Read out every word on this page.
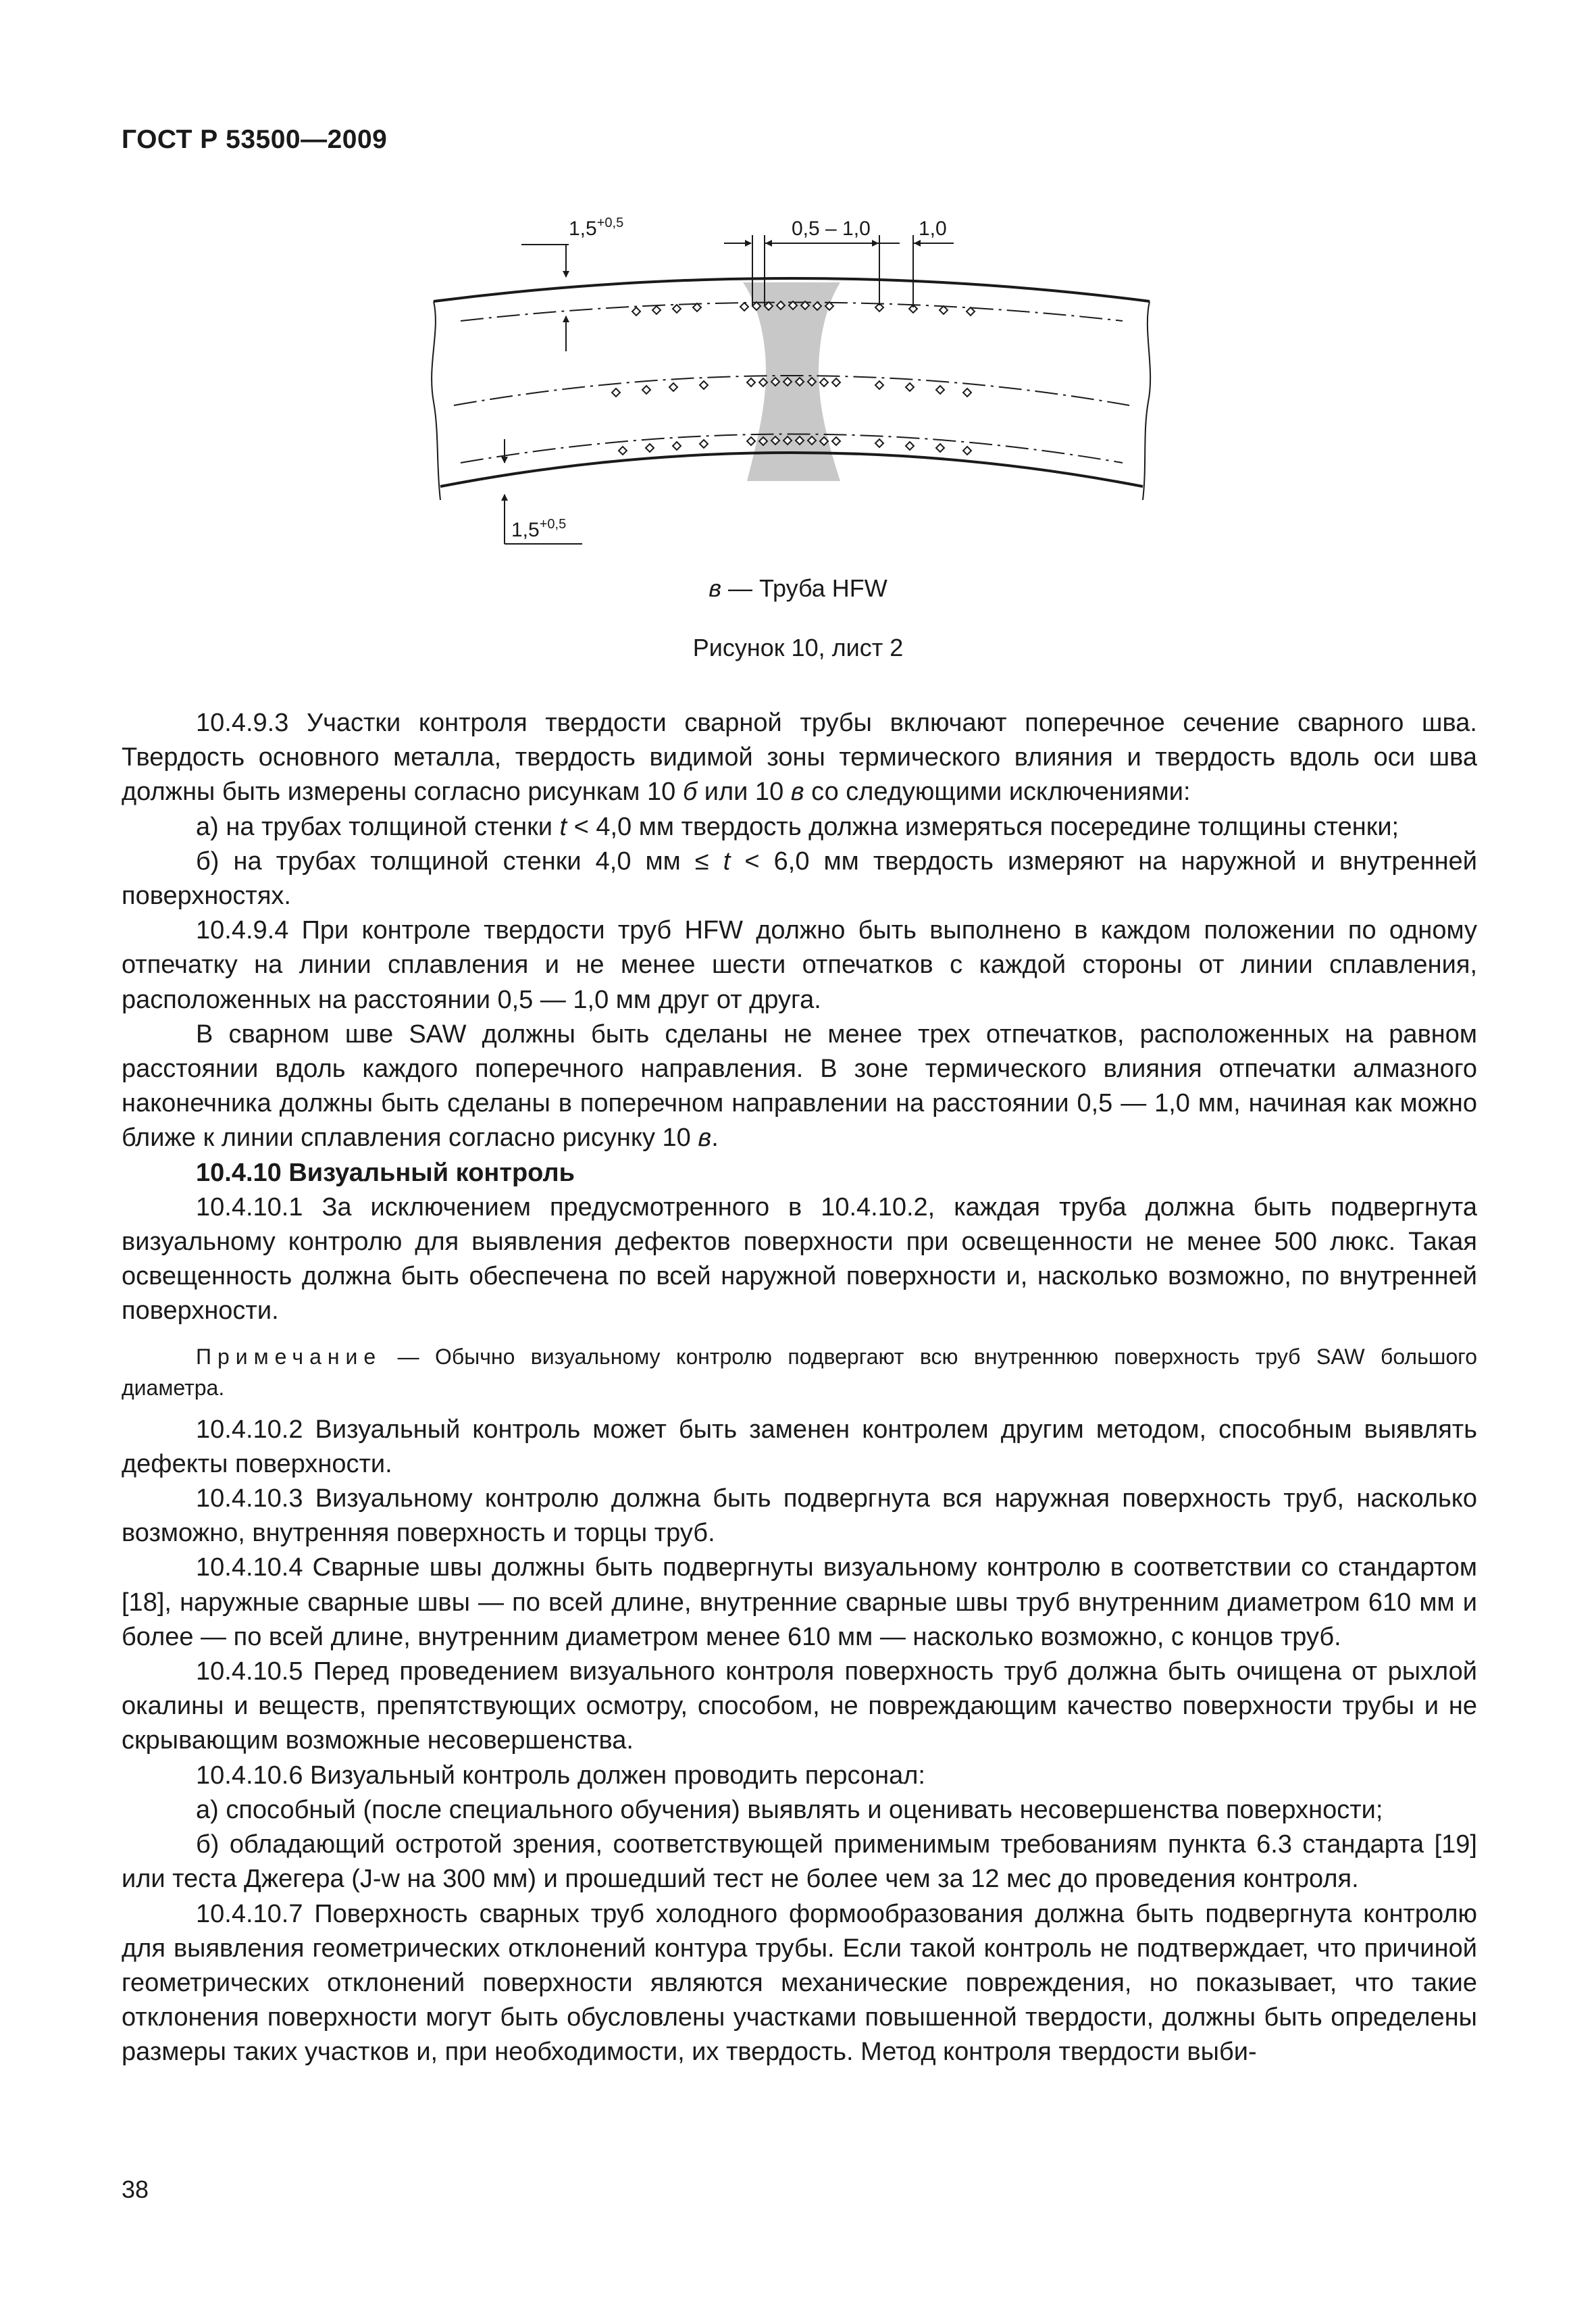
ГОСТ Р 53500—2009
$1,5^{+0,5}$	0,5 – 1,0 1,0
$1,5^{+0,5}$
в — Труба HFW
Рисунок 10, лист 2

10.4.9.3 Участки контроля твердости сварной трубы включают поперечное сечение сварного шва. Твердость основного металла, твердость видимой зоны термического влияния и твердость вдоль оси шва должны быть измерены согласно рисункам 10 б или 10 в со следующими исключениями:

а) на трубах толщиной стенки t < 4,0 мм твердость должна измеряться посередине толщины стенки;

б) на трубах толщиной стенки 4,0 мм ≤ t < 6,0 мм твердость измеряют на наружной и внутренней поверхностях.

10.4.9.4 При контроле твердости труб HFW должно быть выполнено в каждом положении по одному отпечатку на линии сплавления и не менее шести отпечатков с каждой стороны от линии сплавления, расположенных на расстоянии 0,5 — 1,0 мм друг от друга.

В сварном шве SAW должны быть сделаны не менее трех отпечатков, расположенных на равном расстоянии вдоль каждого поперечного направления. В зоне термического влияния отпечатки алмазного наконечника должны быть сделаны в поперечном направлении на расстоянии 0,5 — 1,0 мм, начиная как можно ближе к линии сплавления согласно рисунку 10 в.

10.4.10 Визуальный контроль

10.4.10.1 За исключением предусмотренного в 10.4.10.2, каждая труба должна быть подвергнута визуальному контролю для выявления дефектов поверхности при освещенности не менее 500 люкс. Такая освещенность должна быть обеспечена по всей наружной поверхности и, насколько возможно, по внутренней поверхности.

Примечание — Обычно визуальному контролю подвергают всю внутреннюю поверхность труб SAW большого диаметра.

10.4.10.2 Визуальный контроль может быть заменен контролем другим методом, способным выявлять дефекты поверхности.

10.4.10.3 Визуальному контролю должна быть подвергнута вся наружная поверхность труб, насколько возможно, внутренняя поверхность и торцы труб.

10.4.10.4 Сварные швы должны быть подвергнуты визуальному контролю в соответствии со стандартом [18], наружные сварные швы — по всей длине, внутренние сварные швы труб внутренним диаметром 610 мм и более — по всей длине, внутренним диаметром менее 610 мм — насколько возможно, с концов труб.

10.4.10.5 Перед проведением визуального контроля поверхность труб должна быть очищена от рыхлой окалины и веществ, препятствующих осмотру, способом, не повреждающим качество поверхности трубы и не скрывающим возможные несовершенства.

10.4.10.6 Визуальный контроль должен проводить персонал:

а) способный (после специального обучения) выявлять и оценивать несовершенства поверхности;

б) обладающий остротой зрения, соответствующей применимым требованиям пункта 6.3 стандарта [19] или теста Джегера (J-w на 300 мм) и прошедший тест не более чем за 12 мес до проведения контроля.

10.4.10.7 Поверхность сварных труб холодного формообразования должна быть подвергнута контролю для выявления геометрических отклонений контура трубы. Если такой контроль не подтверждает, что причиной геометрических отклонений поверхности являются механические повреждения, но показывает, что такие отклонения поверхности могут быть обусловлены участками повышенной твердости, должны быть определены размеры таких участков и, при необходимости, их твердость. Метод контроля твердости выби-

38
